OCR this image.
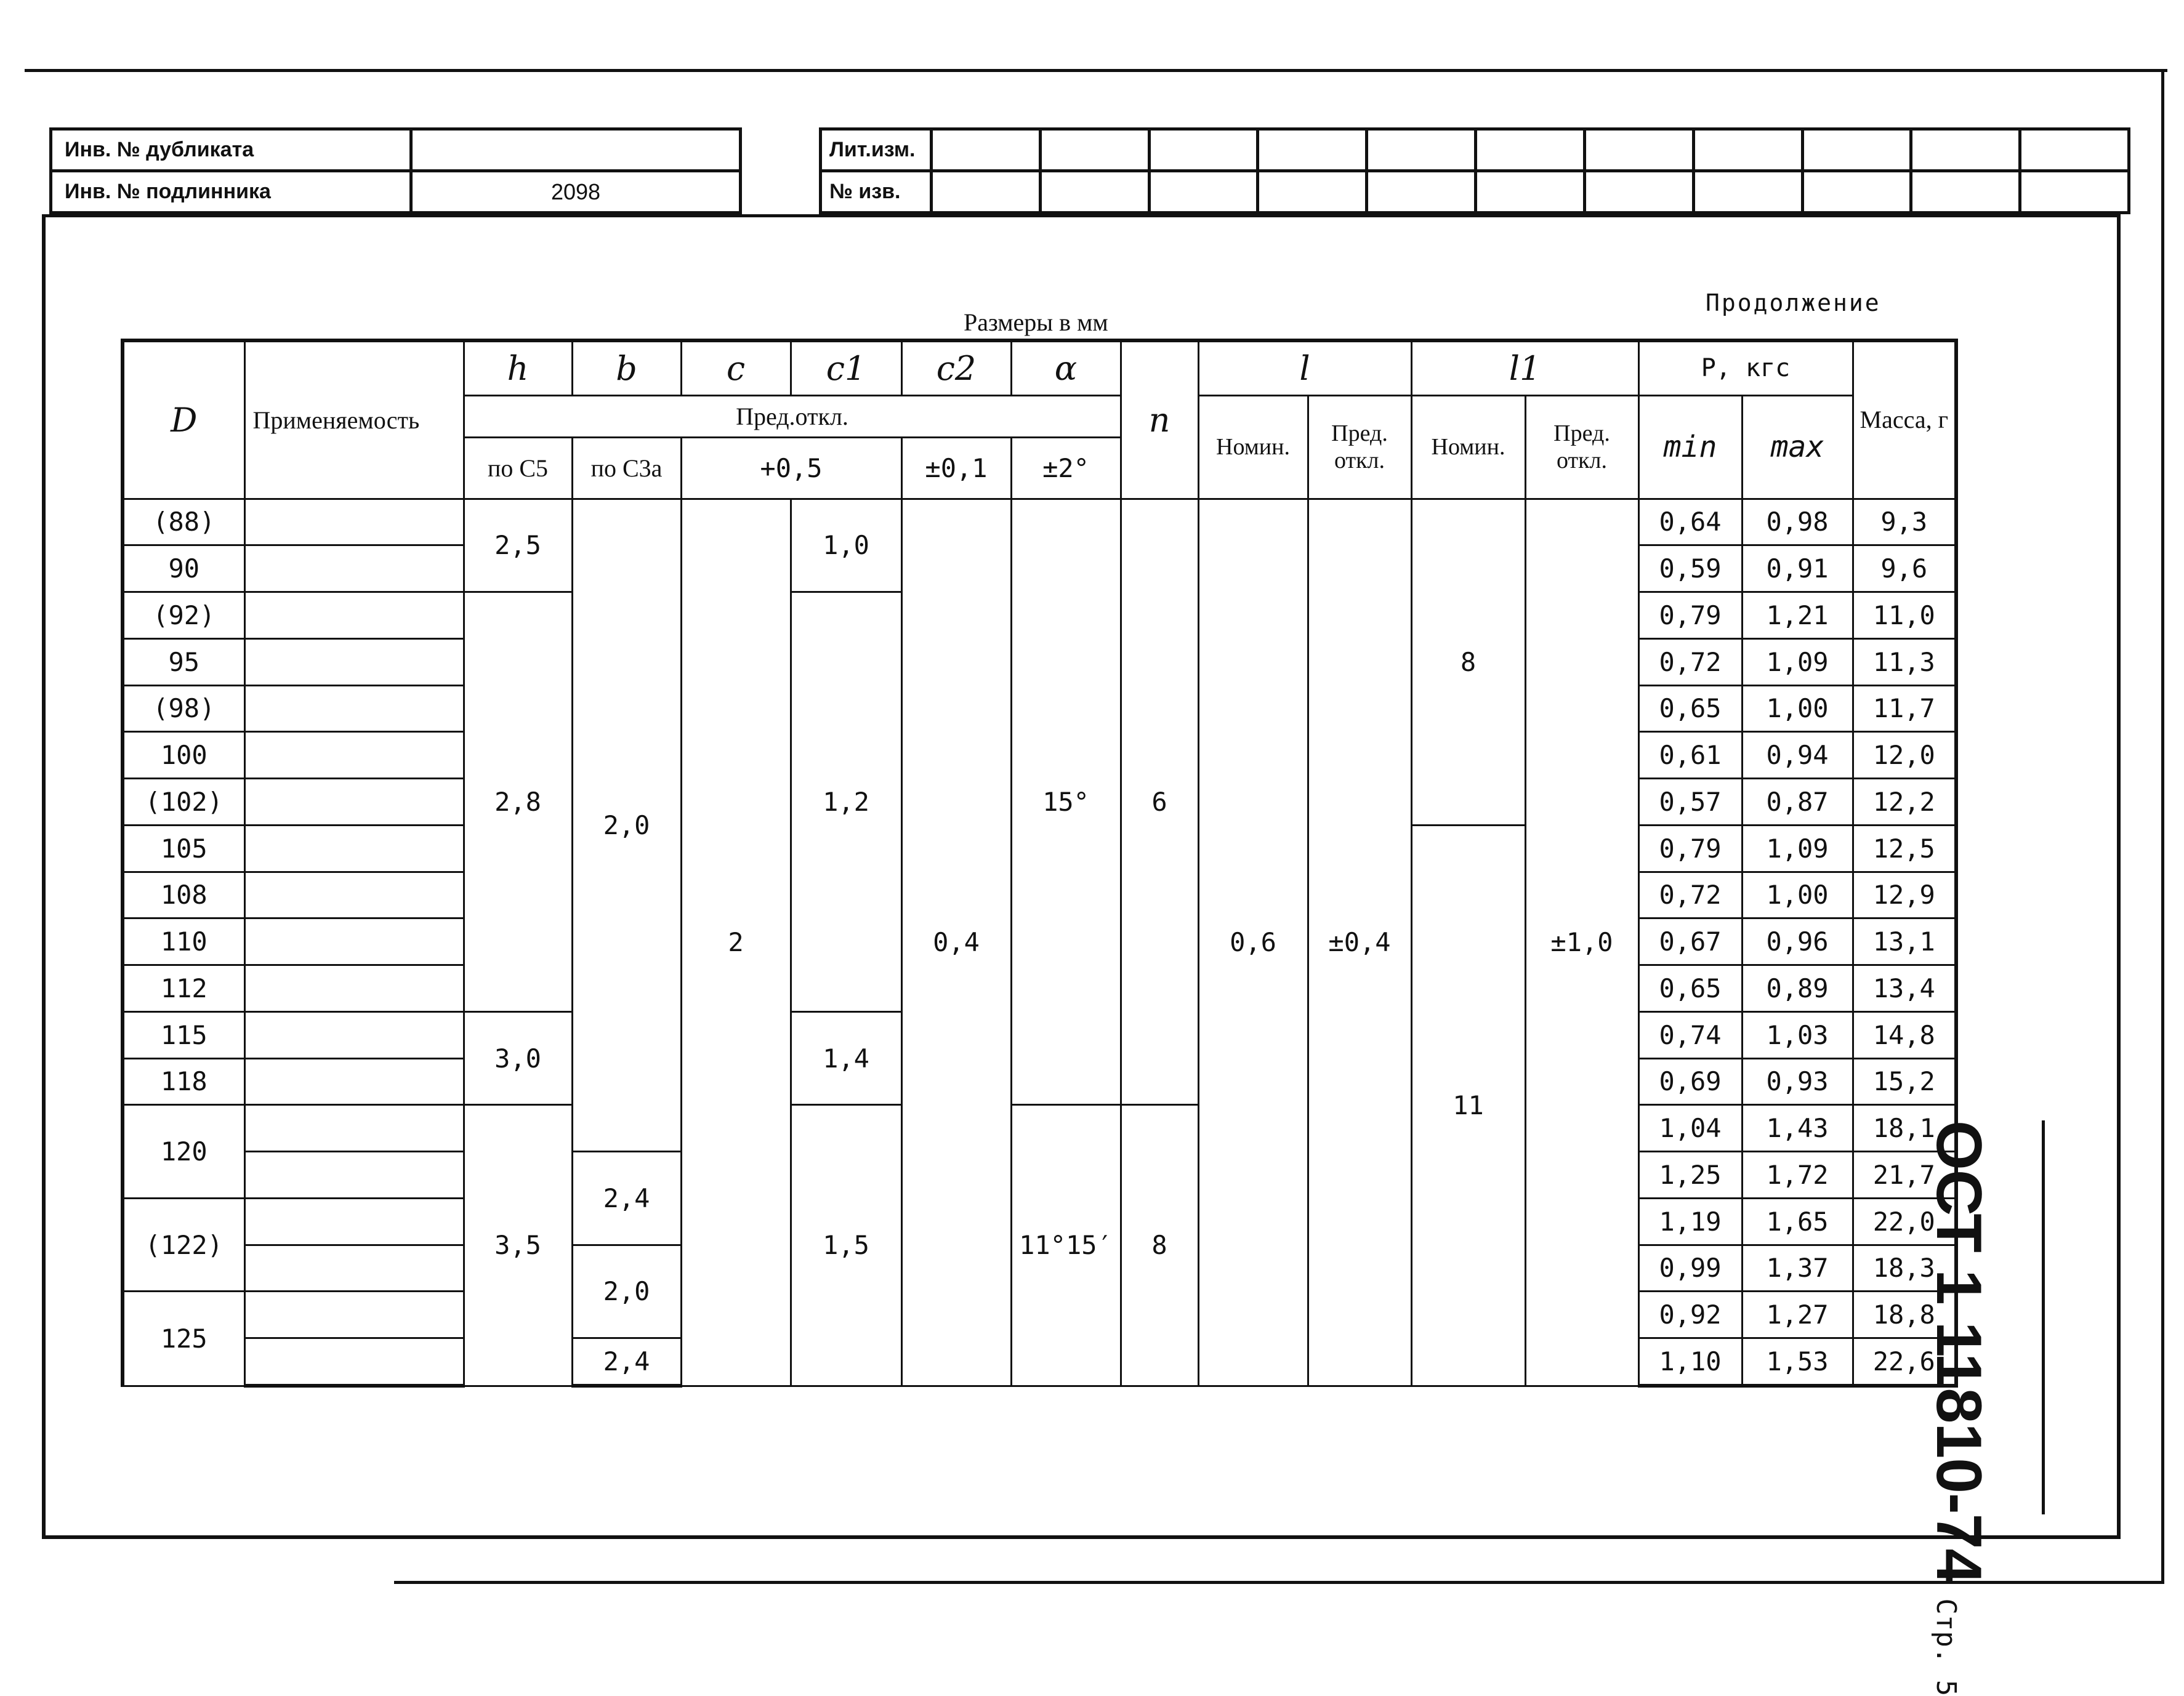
Инв. № дубликата	
Инв. № подлинника	2098
Лит.изм.											
№ изв.											
Размеры в мм
Продолжение
D	Применяемость	h	b	c	c1	c2	α	n	l		l1		P, кгс		Масса, г
		Пред.откл.							Номин.	Пред. откл.	Номин.	Пред. откл.	min	max	
		по C5	по C3a	+0,5		±0,1	±2°								
(88)		2,5	2,0	2	1,0	0,4	15°	6	0,6	±0,4	8	±1,0	0,64	0,98	9,3
90													0,59	0,91	9,6
(92)		2,8			1,2								0,79	1,21	11,0
95													0,72	1,09	11,3
(98)													0,65	1,00	11,7
100													0,61	0,94	12,0
(102)													0,57	0,87	12,2
105											11		0,79	1,09	12,5
108													0,72	1,00	12,9
110													0,67	0,96	13,1
112													0,65	0,89	13,4
115		3,0			1,4								0,74	1,03	14,8
118													0,69	0,93	15,2
120		3,5			1,5		11°15′	8					1,04	1,43	18,1
			2,4										1,25	1,72	21,7
(122)													1,19	1,65	22,0
			2,0										0,99	1,37	18,3
125													0,92	1,27	18,8
			2,4										1,10	1,53	22,6
ОСТ 1 11810-74Стр. 5
